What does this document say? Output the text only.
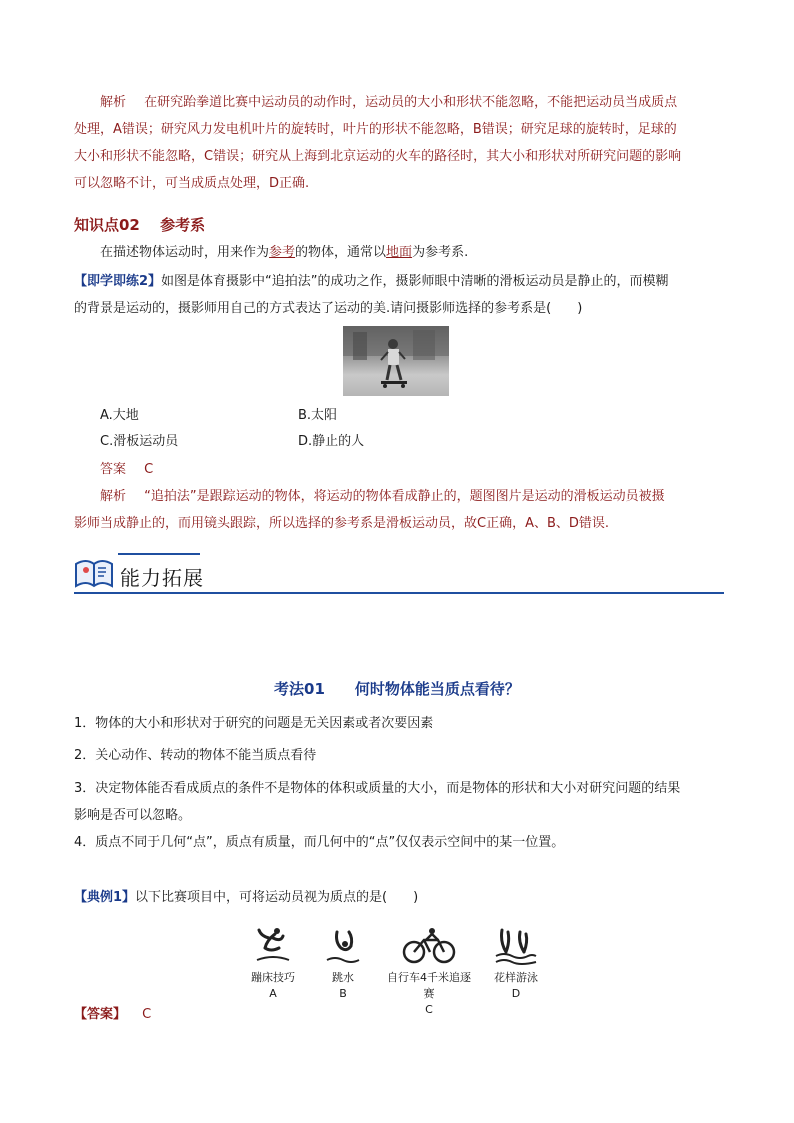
解析 在研究跆拳道比赛中运动员的动作时，运动员的大小和形状不能忽略，不能把运动员当成质点
处理，A错误；研究风力发电机叶片的旋转时，叶片的形状不能忽略，B错误；研究足球的旋转时，足球的
大小和形状不能忽略，C错误；研究从上海到北京运动的火车的路径时，其大小和形状对所研究问题的影响
可以忽略不计，可当成质点处理，D正确.
知识点02　 参考系
在描述物体运动时，用来作为参考的物体，通常以地面为参考系.
【即学即练2】如图是体育摄影中“追拍法”的成功之作，摄影师眼中清晰的滑板运动员是静止的，而模糊
的背景是运动的，摄影师用自己的方式表达了运动的美.请问摄影师选择的参考系是(　　)
A.大地	B.太阳
C.滑板运动员	D.静止的人
答案 C
解析 “追拍法”是跟踪运动的物体，将运动的物体看成静止的，题图图片是运动的滑板运动员被摄
影师当成静止的，而用镜头跟踪，所以选择的参考系是滑板运动员，故C正确，A、B、D错误.
能力拓展
考法01　　何时物体能当质点看待？
1．物体的大小和形状对于研究的问题是无关因素或者次要因素
2．关心动作、转动的物体不能当质点看待
3．决定物体能否看成质点的条件不是物体的体积或质量的大小，而是物体的形状和大小对研究问题的结果
影响是否可以忽略。
4．质点不同于几何“点”，质点有质量，而几何中的“点”仅仅表示空间中的某一位置。
【典例1】以下比赛项目中，可将运动员视为质点的是(　　)
蹦床技巧
A
跳水
B
自行车4千米追逐赛
C
花样游泳
D
【答案】 C
